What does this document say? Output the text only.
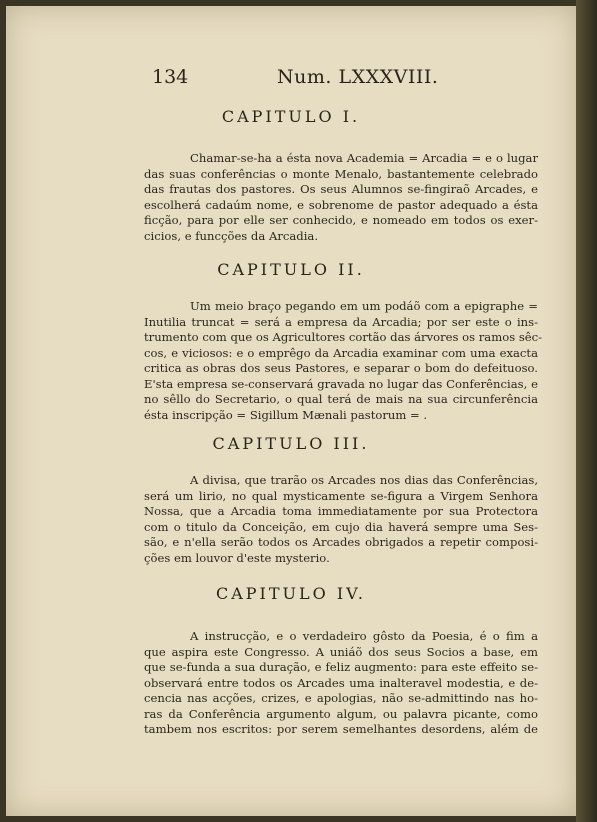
134	Num. LXXXVIII.
CAPITULO I.
Chamar-se-ha a ésta nova Academia = Arcadia = e o lugar
das suas conferências o monte Menalo, bastantemente celebrado
das frautas dos pastores. Os seus Alumnos se-fingiraõ Arcades, e
escolherá cadaúm nome, e sobrenome de pastor adequado a ésta
ficção, para por elle ser conhecido, e nomeado em todos os exer-
cicios, e funcções da Arcadia.
CAPITULO II.
Um meio braço pegando em um podáõ com a epigraphe =
Inutilia truncat = será a empresa da Arcadia; por ser este o ins-
trumento com que os Agricultores cortão das árvores os ramos sêc-
cos, e viciosos: e o emprêgo da Arcadia examinar com uma exacta
critica as obras dos seus Pastores, e separar o bom do defeituoso.
E'sta empresa se-conservará gravada no lugar das Conferências, e
no sêllo do Secretario, o qual terá de mais na sua circunferência
ésta inscripção = Sigillum Mænali pastorum = .
CAPITULO III.
A divisa, que trarão os Arcades nos dias das Conferências,
será um lirio, no qual mysticamente se-figura a Virgem Senhora
Nossa, que a Arcadia toma immediatamente por sua Protectora
com o titulo da Conceição, em cujo dia haverá sempre uma Ses-
são, e n'ella serão todos os Arcades obrigados a repetir composi-
ções em louvor d'este mysterio.
CAPITULO IV.
A instrucção, e o verdadeiro gôsto da Poesia, é o fim a
que aspira este Congresso. A uniáõ dos seus Socios a base, em
que se-funda a sua duração, e feliz augmento: para este effeito se-
observará entre todos os Arcades uma inalteravel modestia, e de-
cencia nas acções, crizes, e apologias, não se-admittindo nas ho-
ras da Conferência argumento algum, ou palavra picante, como
tambem nos escritos: por serem semelhantes desordens, além de
